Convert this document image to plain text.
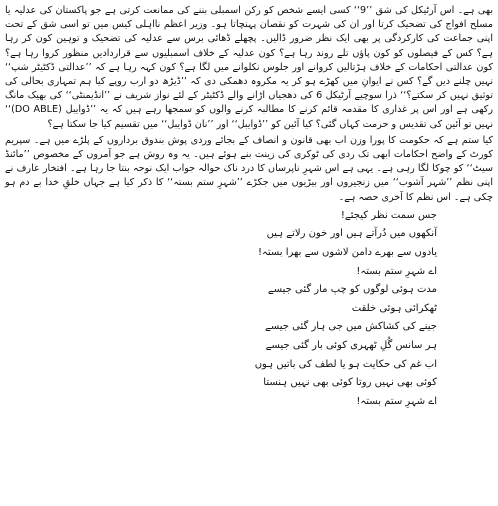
بھی ہے۔ اس آرٹیکل کی شق ’’9‘‘ کسی ایسے شخص کو رکن اسمبلی بننے کی ممانعت کرتی ہے جو پاکستان کی عدلیہ یا مسلح افواج کی تضحیک کرتا اور ان کی شہرت کو نقصان پہنچاتا ہو۔ وزیر اعظم نااہلی کیس میں تو اسی شق کے تحت اپنی جماعت کی کارکردگی پر بھی ایک نظر ضرور ڈالیں۔ پچھلے ڈھائی برس سے عدلیہ کی تضحیک و توہین کون کر رہا ہے؟ کس کے فیصلوں کو کون پاؤں تلے روند رہا ہے؟ کون عدلیہ کے خلاف اسمبلیوں سے قراردادیں منظور کروا رہا ہے؟ کون عدالتی احکامات کے خلاف ہڑتالیں کروانے اور جلوس نکلوانے میں لگا ہے؟ کون کہہ رہا ہے کہ ’’عدالتی ڈکٹیٹر شپ‘‘ نہیں چلنے دیں گے؟ کس نے ایوانِ میں کھڑے ہو کر یہ مکروہ دھمکی دی کہ ’’ڈیڑھ دو ارب روپے کیا ہم تمہاری بحالی کی توثیق نہیں کر سکتے؟‘‘ ذرا سوچیے آرٹیکل 6 کی دھجیاں اڑانے والے ڈکٹیٹر کے لئے نواز شریف نے ’’انڈیمنٹی‘‘ کی بھیک مانگ رکھی ہے اور اس پر غداری کا مقدمہ قائم کرنے کا مطالبہ کرنے والوں کو سمجھا رہے ہیں کہ یہ ’’ڈوایبل (DO ABLE)‘‘ نہیں تو آئین کی تقدیس و حرمت کہاں گئی؟ کیا آئین کو ’’ڈوایبل‘‘ اور ’’نان ڈوایبل‘‘ میں تقسیم کیا جا سکتا ہے؟

کیا ستم ہے کہ حکومت کا پورا وزن اب بھی قانون و انصاف کے بجائے وردی پوش بندوق برداروں کے پلڑے میں ہے۔ سپریم کورٹ کے واضح احکامات ابھی تک ردی کی ٹوکری کی زینت بنے ہوئے ہیں۔ یہ وہ روش ہے جو آمروں کے مخصوص ’’مائنڈ سیٹ‘‘ کو چوکا لگا رہی ہے۔ یہی ہے اس شہرِ ناپرساں کا درد ناک حوالہ جواب ایک نوحہ بنتا جا رہا ہے۔ افتخار عارف نے اپنی نظم ’’شہر آشوب‘‘ میں زنجیروں اور بیڑیوں میں جکڑے ’’شہرِ ستم بستہ‘‘ کا ذکر کیا ہے جہاں خلقِ خدا بے دم ہو چکی ہے۔ اس نظم کا آخری حصہ ہے۔

جس سمت نظر کیجئے!
آنکھوں میں دُرآتے ہیں اور خون رلاتے ہیں
یادوں سے بھرے دامن لاشوں سے بھرا بستہ!
اے شہرِ ستم بستہ!
مدت ہوئی لوگوں کو چپ مار گئی جیسے
ٹھکرائی ہوئی خلقت
جینے کی کشاکش میں جی ہار گئی جیسے
ہر سانس گُلِ ٹھہری کوئی بار گئی جیسے
اب غم کی حکایت ہو یا لطف کی باتیں ہوں
کوئی بھی نہیں روتا کوئی بھی نہیں ہنستا
اے شہرِ ستم بستہ!
